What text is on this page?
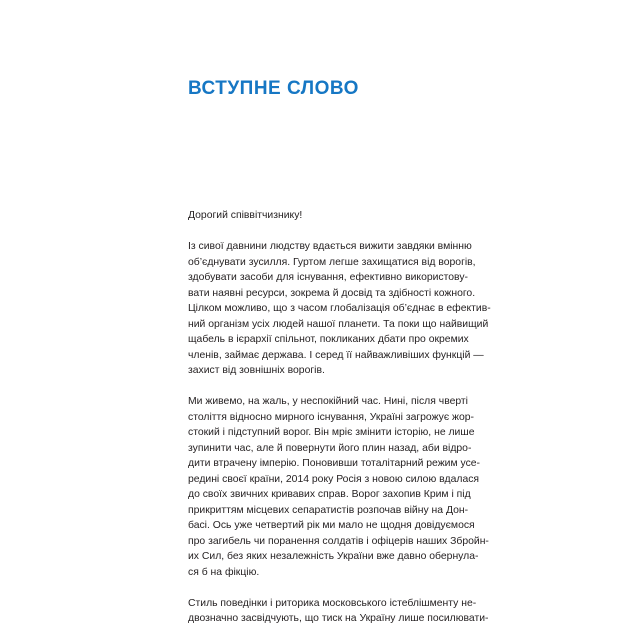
ВСТУПНЕ СЛОВО

Дорогий співвітчизнику!

Із сивої давнини людству вдається вижити завдяки вмінню
об’єднувати зусилля. Гуртом легше захищатися від ворогів,
здобувати засоби для існування, ефективно використову-
вати наявні ресурси, зокрема й досвід та здібності кожного.
Цілком можливо, що з часом глобалізація об’єднає в ефектив-
ний організм усіх людей нашої планети. Та поки що найвищий
щабель в ієрархії спільнот, покликаних дбати про окремих
членів, займає держава. І серед її найважливіших функцій —
захист від зовнішніх ворогів.

Ми живемо, на жаль, у неспокійний час. Нині, після чверті
століття відносно мирного існування, Україні загрожує жор-
стокий і підступний ворог. Він мріє змінити історію, не лише
зупинити час, але й повернути його плин назад, аби відро-
дити втрачену імперію. Поновивши тоталітарний режим усе-
редині своєї країни, 2014 року Росія з новою силою вдалася
до своїх звичних кривавих справ. Ворог захопив Крим і під
прикриттям місцевих сепаратистів розпочав війну на Дон-
басі. Ось уже четвертий рік ми мало не щодня довідуємося
про загибель чи поранення солдатів і офіцерів наших Збройн-
их Сил, без яких незалежність України вже давно обернула-
ся б на фікцію.

Стиль поведінки і риторика московського істеблішменту не-
двозначно засвідчують, що тиск на Україну лише посилювати-
